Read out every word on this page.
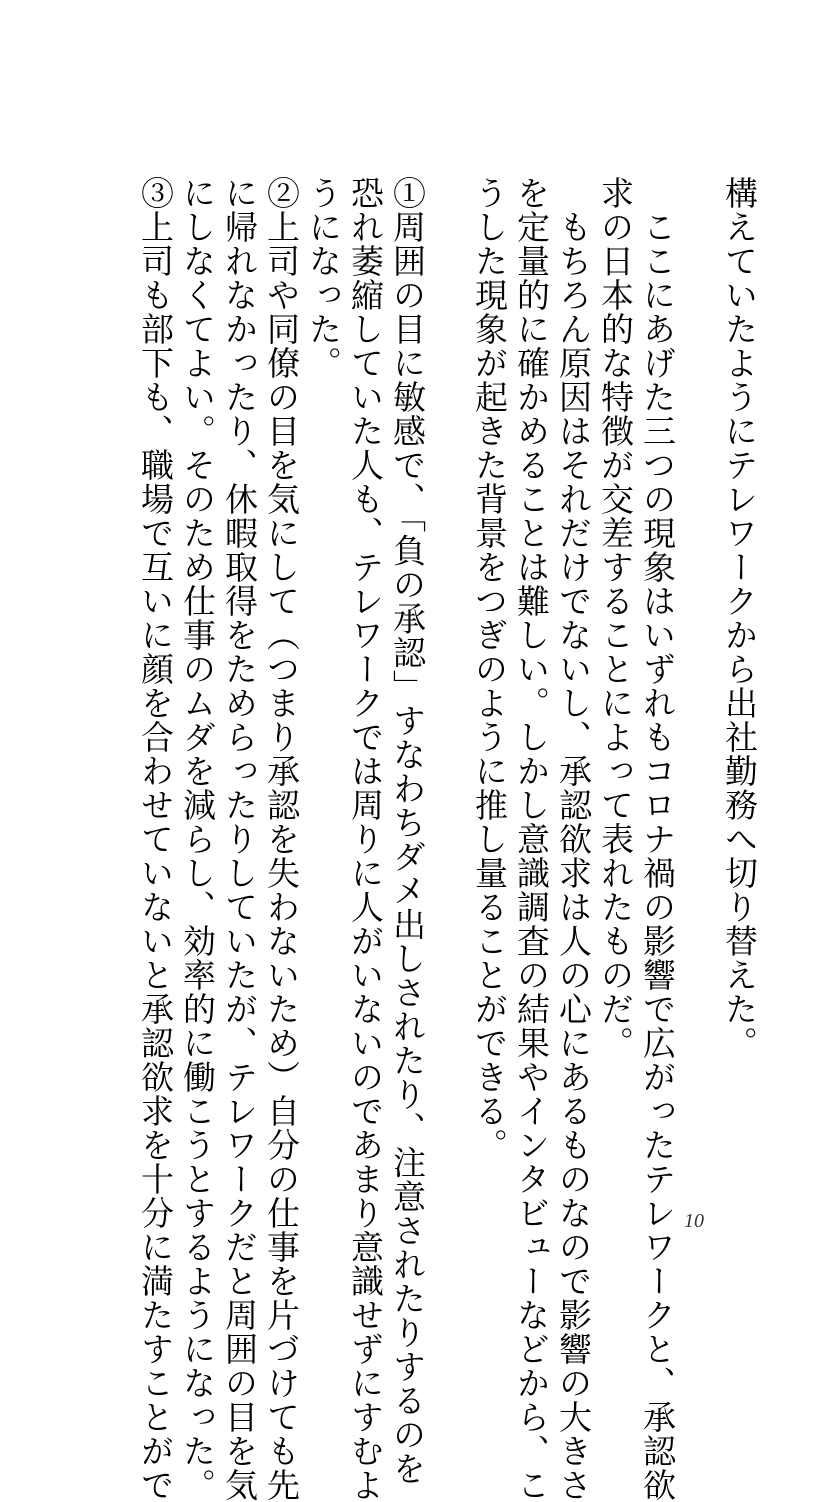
構えていたようにテレワークから出社勤務へ切り替えた。

　ここにあげた三つの現象はいずれもコロナ禍の影響で広がったテレワークと、承認欲

求の日本的な特徴が交差することによって表れたものだ。

　もちろん原因はそれだけでないし、承認欲求は人の心にあるものなので影響の大きさ

を定量的に確かめることは難しい。しかし意識調査の結果やインタビューなどから、こ

うした現象が起きた背景をつぎのように推し量ることができる。

①周囲の目に敏感で、「負の承認」すなわちダメ出しされたり、注意されたりするのを

恐れ萎縮していた人も、テレワークでは周りに人がいないのであまり意識せずにすむよ

うになった。

②上司や同僚の目を気にして（つまり承認を失わないため）自分の仕事を片づけても先

に帰れなかったり、休暇取得をためらったりしていたが、テレワークだと周囲の目を気

にしなくてよい。そのため仕事のムダを減らし、効率的に働こうとするようになった。

③上司も部下も、職場で互いに顔を合わせていないと承認欲求を十分に満たすことがで	10
